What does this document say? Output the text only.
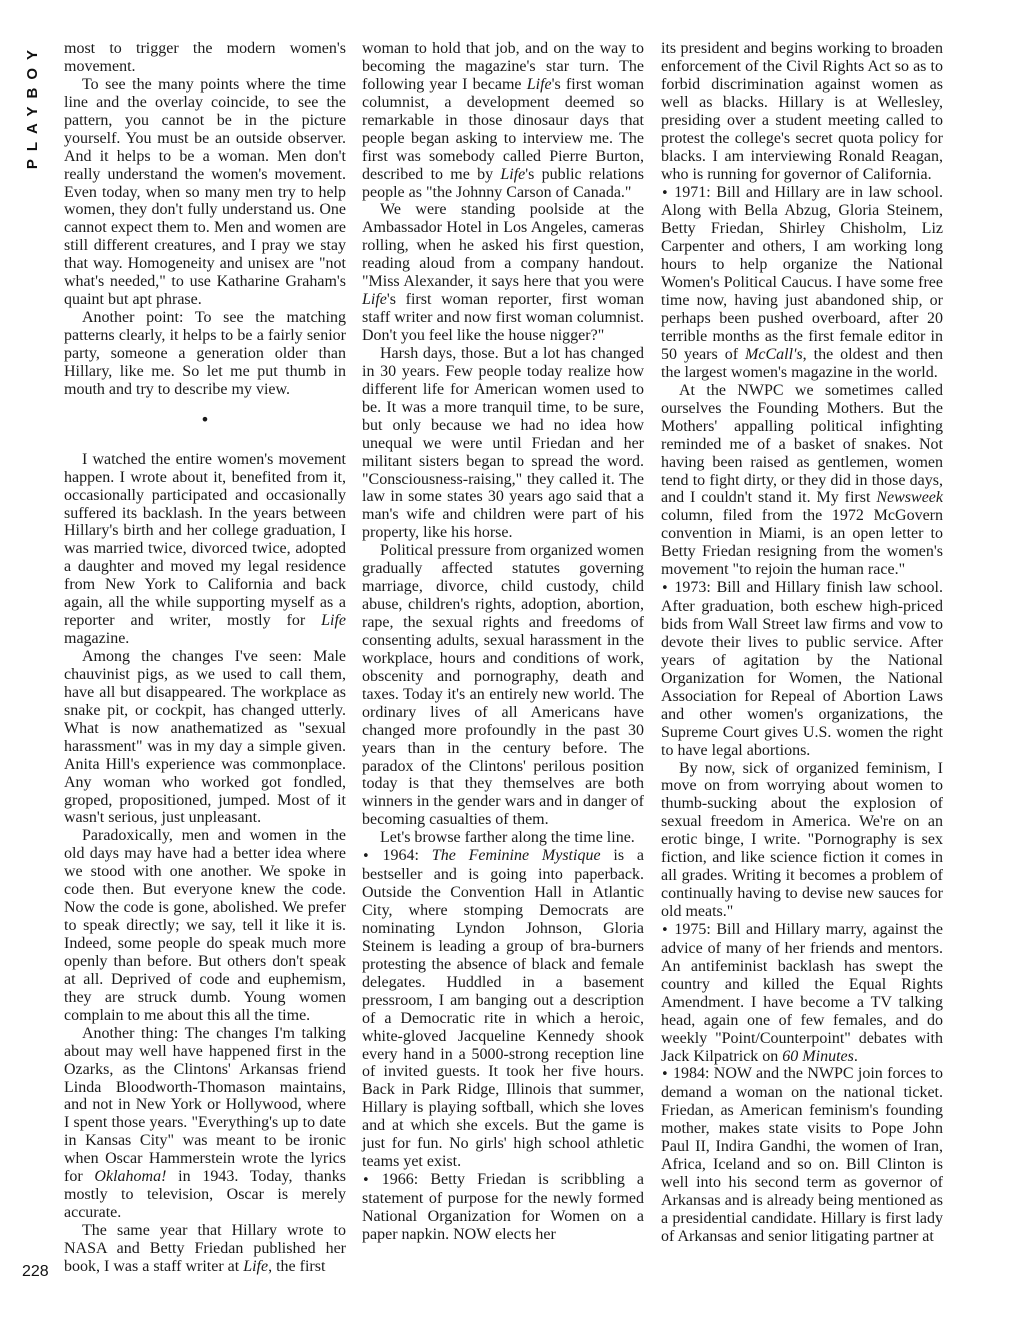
PLAYBOY
228

most to trigger the modern women's movement.

To see the many points where the time line and the overlay coincide, to see the pattern, you cannot be in the picture yourself. You must be an outside observer. And it helps to be a woman. Men don't really understand the women's movement. Even today, when so many men try to help women, they don't fully understand us. One cannot expect them to. Men and women are still different creatures, and I pray we stay that way. Homogeneity and unisex are "not what's needed," to use Katharine Graham's quaint but apt phrase.

Another point: To see the matching patterns clearly, it helps to be a fairly senior party, someone a generation older than Hillary, like me. So let me put thumb in mouth and try to describe my view.

•

I watched the entire women's movement happen. I wrote about it, benefited from it, occasionally participated and occasionally suffered its backlash. In the years between Hillary's birth and her college graduation, I was married twice, divorced twice, adopted a daughter and moved my legal residence from New York to California and back again, all the while supporting myself as a reporter and writer, mostly for Life magazine.

Among the changes I've seen: Male chauvinist pigs, as we used to call them, have all but disappeared. The workplace as snake pit, or cockpit, has changed utterly. What is now anathematized as "sexual harassment" was in my day a simple given. Anita Hill's experience was commonplace. Any woman who worked got fondled, groped, propositioned, jumped. Most of it wasn't serious, just unpleasant.

Paradoxically, men and women in the old days may have had a better idea where we stood with one another. We spoke in code then. But everyone knew the code. Now the code is gone, abolished. We prefer to speak directly; we say, tell it like it is. Indeed, some people do speak much more openly than before. But others don't speak at all. Deprived of code and euphemism, they are struck dumb. Young women complain to me about this all the time.

Another thing: The changes I'm talking about may well have happened first in the Ozarks, as the Clintons' Arkansas friend Linda Bloodworth-Thomason maintains, and not in New York or Hollywood, where I spent those years. "Everything's up to date in Kansas City" was meant to be ironic when Oscar Hammerstein wrote the lyrics for Oklahoma! in 1943. Today, thanks mostly to television, Oscar is merely accurate.

The same year that Hillary wrote to NASA and Betty Friedan published her book, I was a staff writer at Life, the first

woman to hold that job, and on the way to becoming the magazine's star turn. The following year I became Life's first woman columnist, a development deemed so remarkable in those dinosaur days that people began asking to interview me. The first was somebody called Pierre Burton, described to me by Life's public relations people as "the Johnny Carson of Canada."

We were standing poolside at the Ambassador Hotel in Los Angeles, cameras rolling, when he asked his first question, reading aloud from a company handout. "Miss Alexander, it says here that you were Life's first woman reporter, first woman staff writer and now first woman columnist. Don't you feel like the house nigger?"

Harsh days, those. But a lot has changed in 30 years. Few people today realize how different life for American women used to be. It was a more tranquil time, to be sure, but only because we had no idea how unequal we were until Friedan and her militant sisters began to spread the word. "Consciousness-raising," they called it. The law in some states 30 years ago said that a man's wife and children were part of his property, like his horse.

Political pressure from organized women gradually affected statutes governing marriage, divorce, child custody, child abuse, children's rights, adoption, abortion, rape, the sexual rights and freedoms of consenting adults, sexual harassment in the workplace, hours and conditions of work, obscenity and pornography, death and taxes. Today it's an entirely new world. The ordinary lives of all Americans have changed more profoundly in the past 30 years than in the century before. The paradox of the Clintons' perilous position today is that they themselves are both winners in the gender wars and in danger of becoming casualties of them.

Let's browse farther along the time line.

• 1964: The Feminine Mystique is a bestseller and is going into paperback. Outside the Convention Hall in Atlantic City, where stomping Democrats are nominating Lyndon Johnson, Gloria Steinem is leading a group of bra-burners protesting the absence of black and female delegates. Huddled in a basement pressroom, I am banging out a description of a Democratic rite in which a heroic, white-gloved Jacqueline Kennedy shook every hand in a 5000-strong reception line of invited guests. It took her five hours. Back in Park Ridge, Illinois that summer, Hillary is playing softball, which she loves and at which she excels. But the game is just for fun. No girls' high school athletic teams yet exist.

• 1966: Betty Friedan is scribbling a statement of purpose for the newly formed National Organization for Women on a paper napkin. NOW elects her

its president and begins working to broaden enforcement of the Civil Rights Act so as to forbid discrimination against women as well as blacks. Hillary is at Wellesley, presiding over a student meeting called to protest the college's secret quota policy for blacks. I am interviewing Ronald Reagan, who is running for governor of California.

• 1971: Bill and Hillary are in law school. Along with Bella Abzug, Gloria Steinem, Betty Friedan, Shirley Chisholm, Liz Carpenter and others, I am working long hours to help organize the National Women's Political Caucus. I have some free time now, having just abandoned ship, or perhaps been pushed overboard, after 20 terrible months as the first female editor in 50 years of McCall's, the oldest and then the largest women's magazine in the world.

At the NWPC we sometimes called ourselves the Founding Mothers. But the Mothers' appalling political infighting reminded me of a basket of snakes. Not having been raised as gentlemen, women tend to fight dirty, or they did in those days, and I couldn't stand it. My first Newsweek column, filed from the 1972 McGovern convention in Miami, is an open letter to Betty Friedan resigning from the women's movement "to rejoin the human race."

• 1973: Bill and Hillary finish law school. After graduation, both eschew high-priced bids from Wall Street law firms and vow to devote their lives to public service. After years of agitation by the National Organization for Women, the National Association for Repeal of Abortion Laws and other women's organizations, the Supreme Court gives U.S. women the right to have legal abortions.

By now, sick of organized feminism, I move on from worrying about women to thumb-sucking about the explosion of sexual freedom in America. We're on an erotic binge, I write. "Pornography is sex fiction, and like science fiction it comes in all grades. Writing it becomes a problem of continually having to devise new sauces for old meats."

• 1975: Bill and Hillary marry, against the advice of many of her friends and mentors. An antifeminist backlash has swept the country and killed the Equal Rights Amendment. I have become a TV talking head, again one of few females, and do weekly "Point/Counterpoint" debates with Jack Kilpatrick on 60 Minutes.

• 1984: NOW and the NWPC join forces to demand a woman on the national ticket. Friedan, as American feminism's founding mother, makes state visits to Pope John Paul II, Indira Gandhi, the women of Iran, Africa, Iceland and so on. Bill Clinton is well into his second term as governor of Arkansas and is already being mentioned as a presidential candidate. Hillary is first lady of Arkansas and senior litigating partner at
